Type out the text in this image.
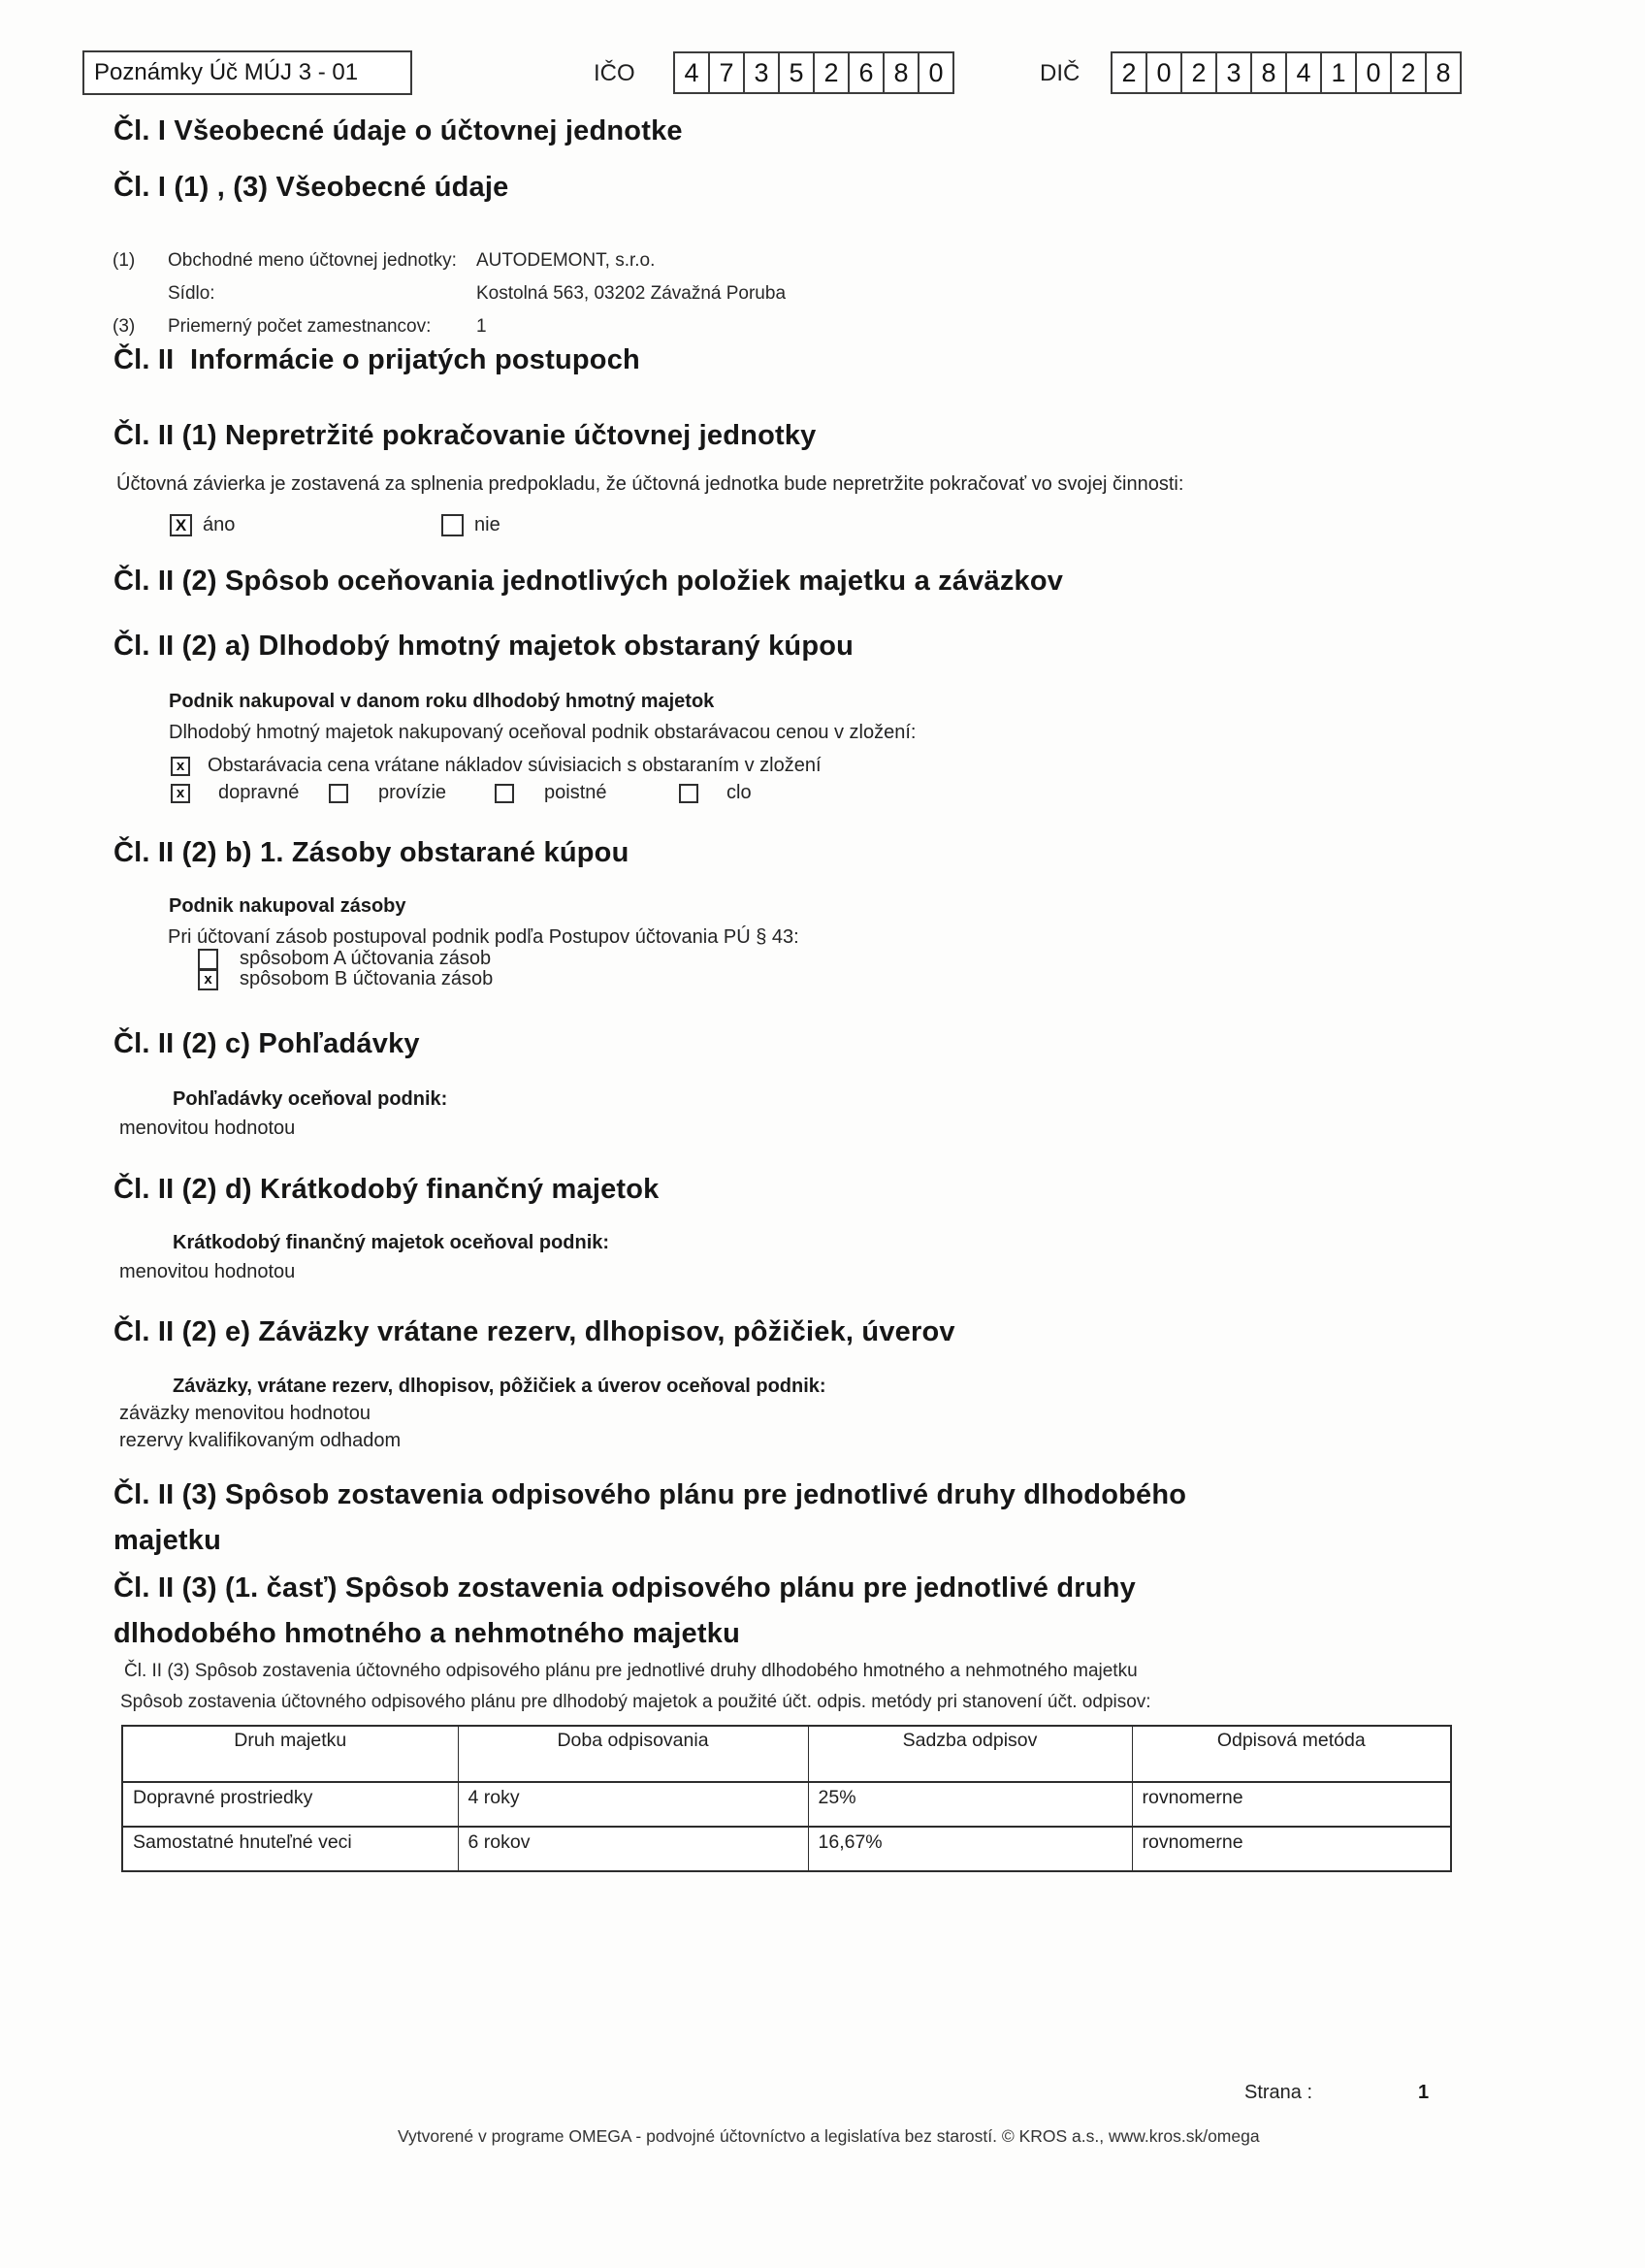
Poznámky Úč MÚJ 3 - 01	IČO	4 7 3 5 2 6 8 0	DIČ	2 0 2 3 8 4 1 0 2 8
Čl. I Všeobecné údaje o účtovnej jednotke
Čl. I (1) , (3) Všeobecné údaje
(1) Obchodné meno účtovnej jednotky: AUTODEMONT, s.r.o.
Sídlo:	Kostolná 563, 03202 Závažná Poruba
(3) Priemerný počet zamestnancov: 1
Čl. II  Informácie o prijatých postupoch
Čl. II (1) Nepretržité pokračovanie účtovnej jednotky
Účtovná závierka je zostavená za splnenia predpokladu, že účtovná jednotka bude nepretržite pokračovať vo svojej činnosti:
X áno	nie
Čl. II (2) Spôsob oceňovania jednotlivých položiek majetku a záväzkov
Čl. II (2) a) Dlhodobý hmotný majetok obstaraný kúpou
Podnik nakupoval v danom roku dlhodobý hmotný majetok
Dlhodobý hmotný majetok nakupovaný oceňoval podnik obstarávacou cenou v zložení:
x Obstarávacia cena vrátane nákladov súvisiacich s obstaraním v zložení
x dopravné	provízie	poistné	clo
Čl. II (2) b) 1. Zásoby obstarané kúpou
Podnik nakupoval zásoby
Pri účtovaní zásob postupoval podnik podľa Postupov účtovania PÚ § 43:
spôsobom A účtovania zásob
x spôsobom B účtovania zásob
Čl. II (2) c) Pohľadávky
Pohľadávky oceňoval podnik:
menovitou hodnotou
Čl. II (2) d) Krátkodobý finančný majetok
Krátkodobý finančný majetok oceňoval podnik:
menovitou hodnotou
Čl. II (2) e) Záväzky vrátane rezerv, dlhopisov, pôžičiek, úverov
Záväzky, vrátane rezerv, dlhopisov, pôžičiek a úverov oceňoval podnik:
záväzky menovitou hodnotou
rezervy kvalifikovaným odhadom
Čl. II (3) Spôsob zostavenia odpisového plánu pre jednotlivé druhy dlhodobého
majetku
Čl. II (3) (1. časť) Spôsob zostavenia odpisového plánu pre jednotlivé druhy
dlhodobého hmotného a nehmotného majetku
Čl. II (3) Spôsob zostavenia účtovného odpisového plánu pre jednotlivé druhy dlhodobého hmotného a nehmotného majetku
Spôsob zostavenia účtovného odpisového plánu pre dlhodobý majetok a použité účt. odpis. metódy pri stanovení účt. odpisov:
Druh majetku	Doba odpisovania	Sadzba odpisov	Odpisová metóda
Dopravné prostriedky	4 roky	25%	rovnomerne
Samostatné hnuteľné veci	6 rokov	16,67%	rovnomerne
Strana :	1
Vytvorené v programe OMEGA - podvojné účtovníctvo a legislatíva bez starostí. © KROS a.s., www.kros.sk/omega
